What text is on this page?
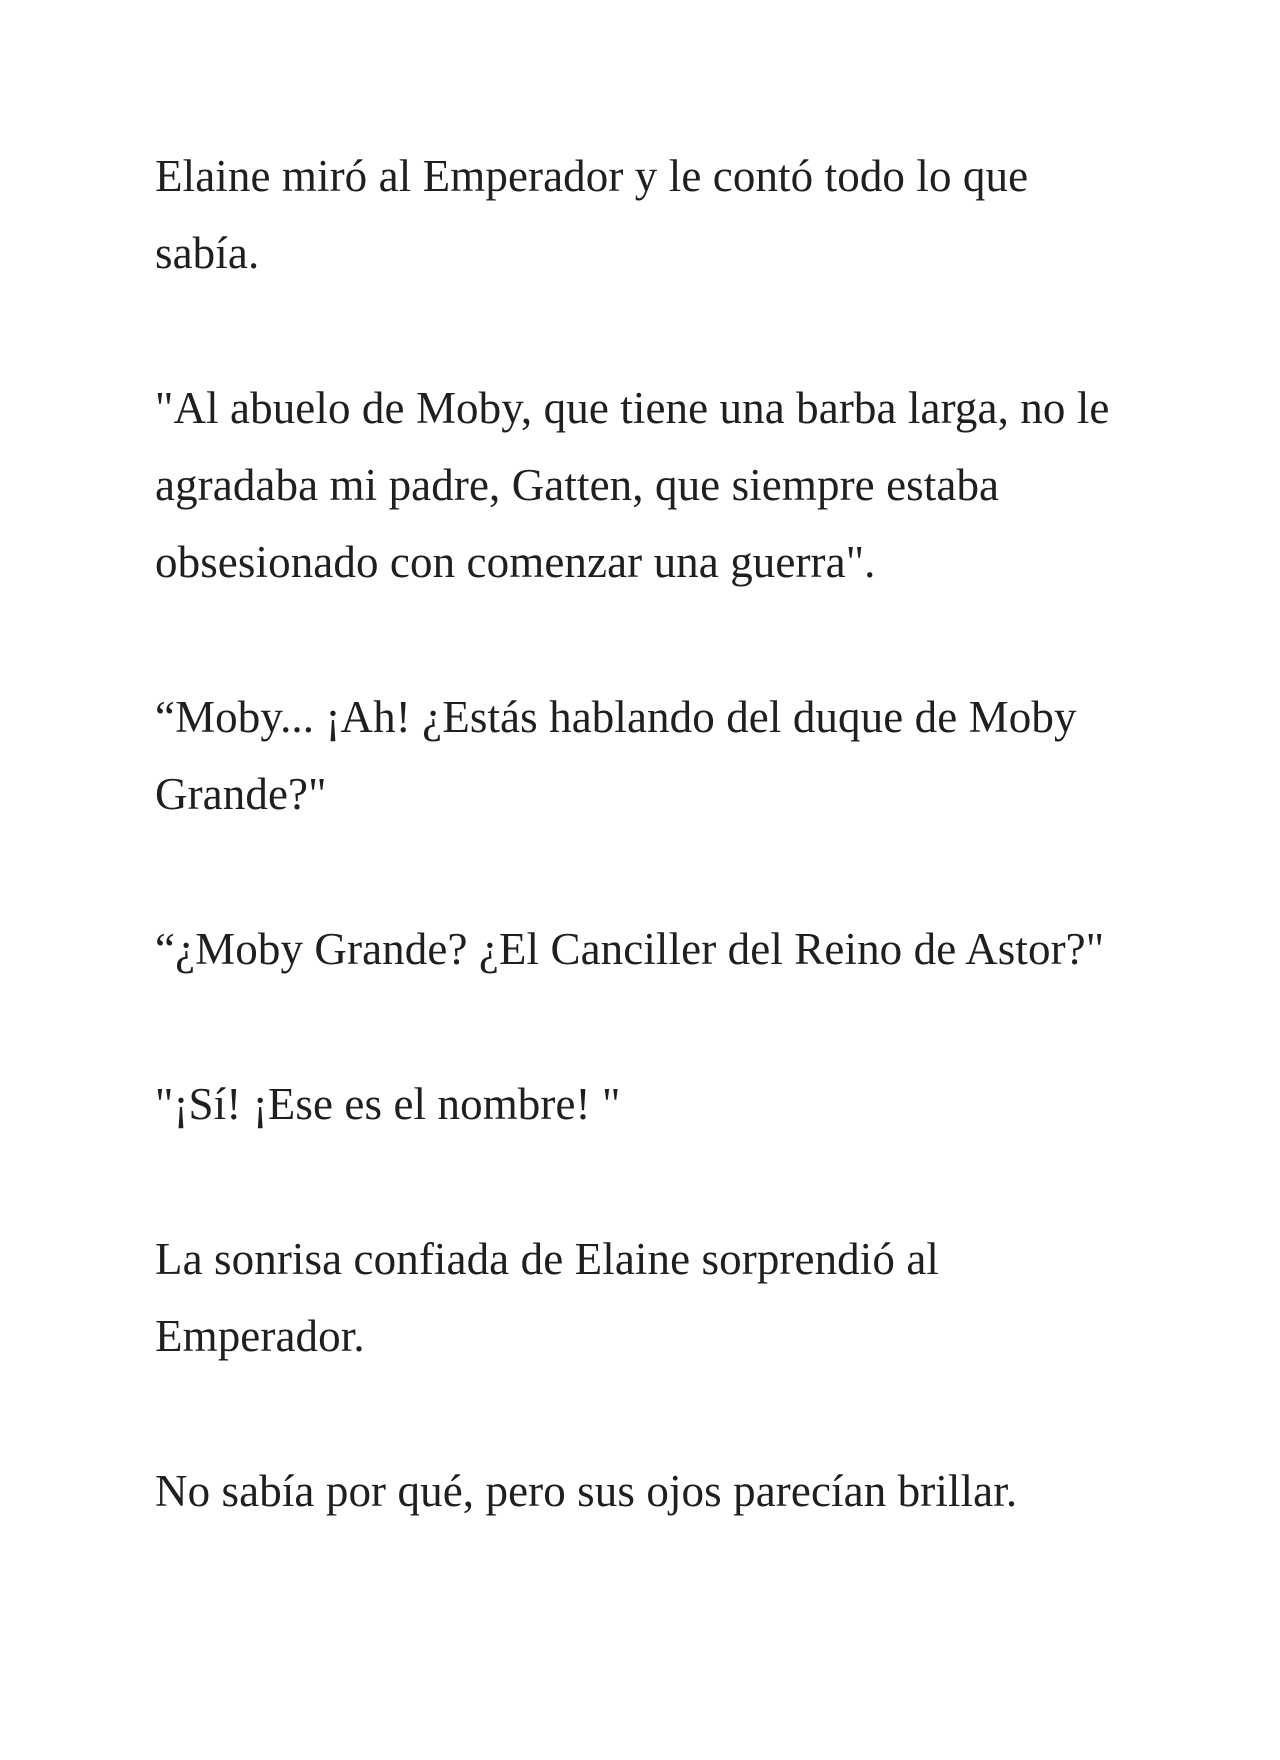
Elaine miró al Emperador y le contó todo lo que sabía.

"Al abuelo de Moby, que tiene una barba larga, no le agradaba mi padre, Gatten, que siempre estaba obsesionado con comenzar una guerra".

“Moby... ¡Ah! ¿Estás hablando del duque de Moby Grande?"

“¿Moby Grande? ¿El Canciller del Reino de Astor?"

"¡Sí! ¡Ese es el nombre! "

La sonrisa confiada de Elaine sorprendió al Emperador.

No sabía por qué, pero sus ojos parecían brillar.
